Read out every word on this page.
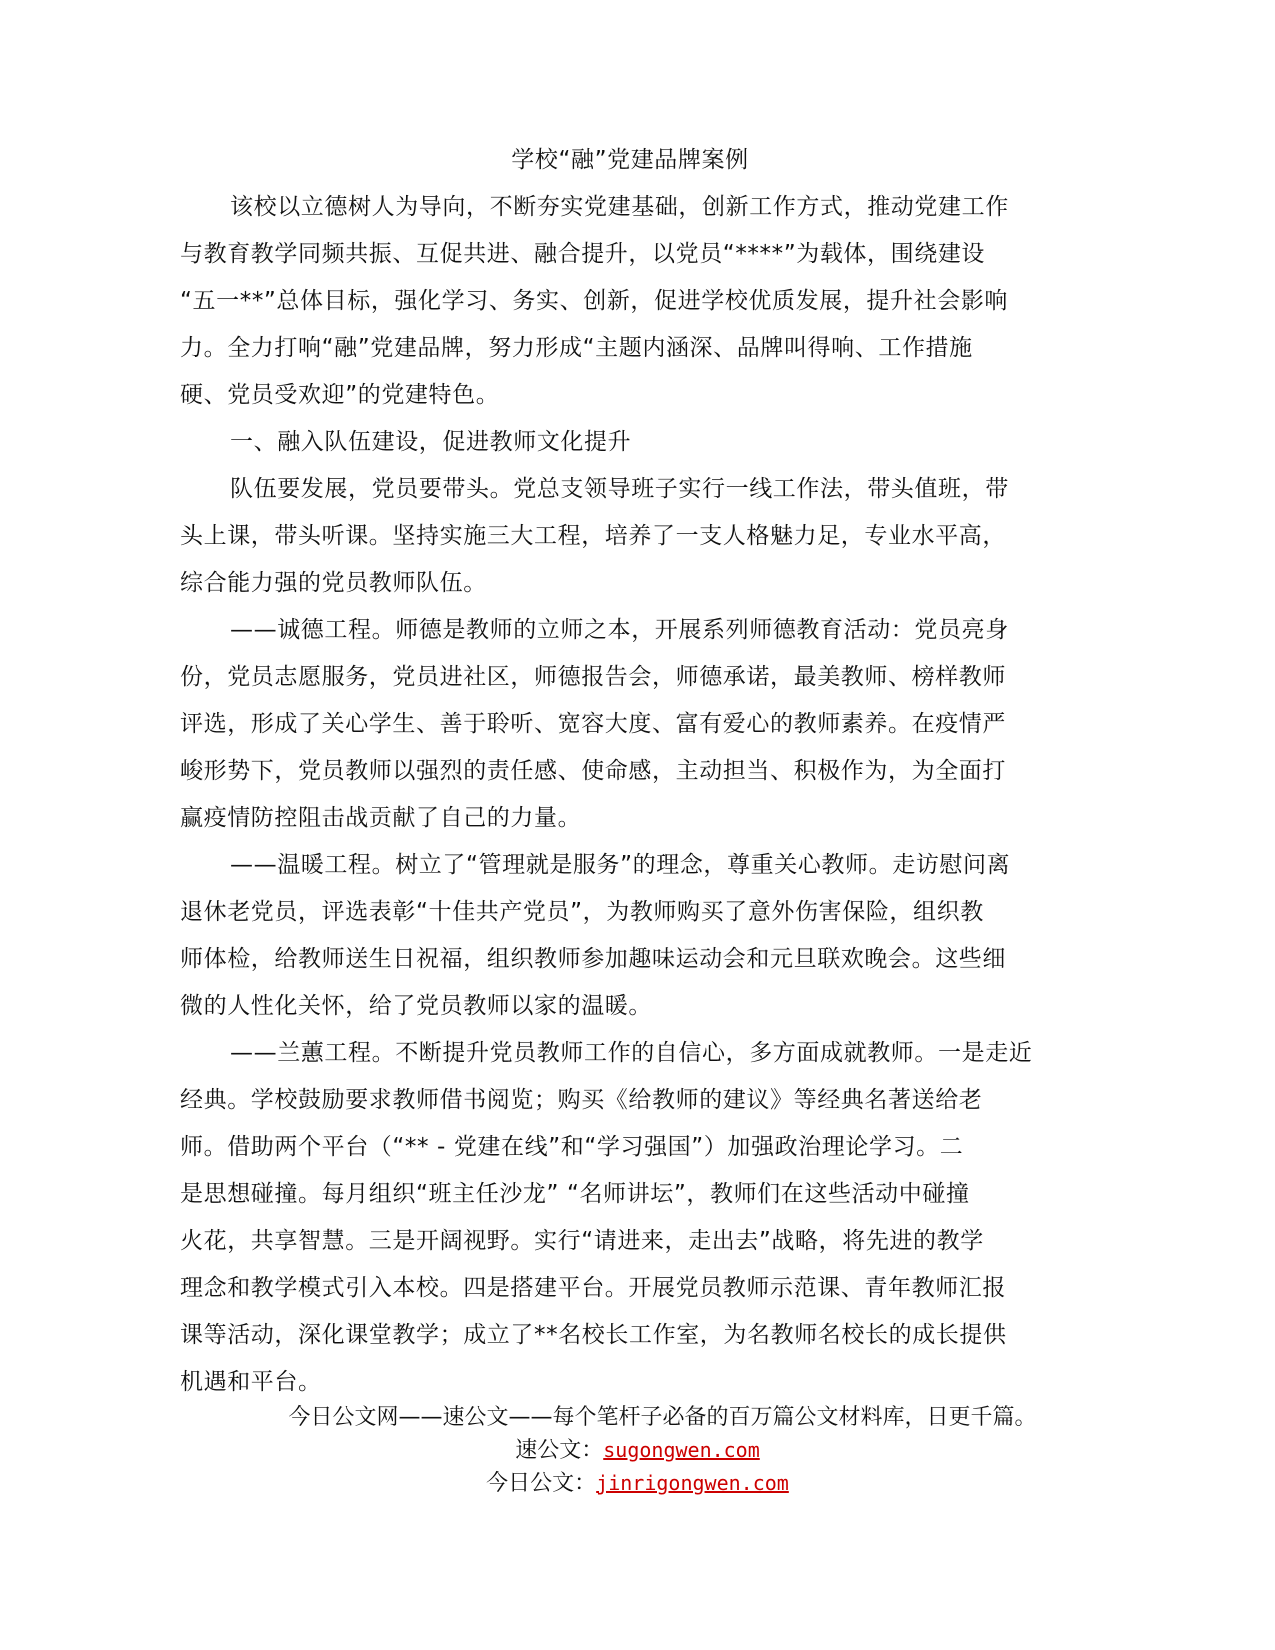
学校“融”党建品牌案例
该校以立德树人为导向，不断夯实党建基础，创新工作方式，推动党建工作
与教育教学同频共振、互促共进、融合提升，以党员“****”为载体，围绕建设
“五一**”总体目标，强化学习、务实、创新，促进学校优质发展，提升社会影响
力。全力打响“融”党建品牌，努力形成“主题内涵深、品牌叫得响、工作措施
硬、党员受欢迎”的党建特色。
一、融入队伍建设，促进教师文化提升
队伍要发展，党员要带头。党总支领导班子实行一线工作法，带头值班，带
头上课，带头听课。坚持实施三大工程，培养了一支人格魅力足，专业水平高，
综合能力强的党员教师队伍。
——诚德工程。师德是教师的立师之本，开展系列师德教育活动：党员亮身
份，党员志愿服务，党员进社区，师德报告会，师德承诺，最美教师、榜样教师
评选，形成了关心学生、善于聆听、宽容大度、富有爱心的教师素养。在疫情严
峻形势下，党员教师以强烈的责任感、使命感，主动担当、积极作为，为全面打
赢疫情防控阻击战贡献了自己的力量。
——温暖工程。树立了“管理就是服务”的理念，尊重关心教师。走访慰问离
退休老党员，评选表彰“十佳共产党员”，为教师购买了意外伤害保险，组织教
师体检，给教师送生日祝福，组织教师参加趣味运动会和元旦联欢晚会。这些细
微的人性化关怀，给了党员教师以家的温暖。
——兰蕙工程。不断提升党员教师工作的自信心，多方面成就教师。一是走近
经典。学校鼓励要求教师借书阅览；购买《给教师的建议》等经典名著送给老
师。借助两个平台（“** - 党建在线”和“学习强国”）加强政治理论学习。二
是思想碰撞。每月组织“班主任沙龙” “名师讲坛”，教师们在这些活动中碰撞
火花，共享智慧。三是开阔视野。实行“请进来，走出去”战略，将先进的教学
理念和教学模式引入本校。四是搭建平台。开展党员教师示范课、青年教师汇报
课等活动，深化课堂教学；成立了**名校长工作室，为名教师名校长的成长提供
机遇和平台。
今日公文网——速公文——每个笔杆子必备的百万篇公文材料库，日更千篇。
速公文：sugongwen.com
今日公文：jinrigongwen.com
